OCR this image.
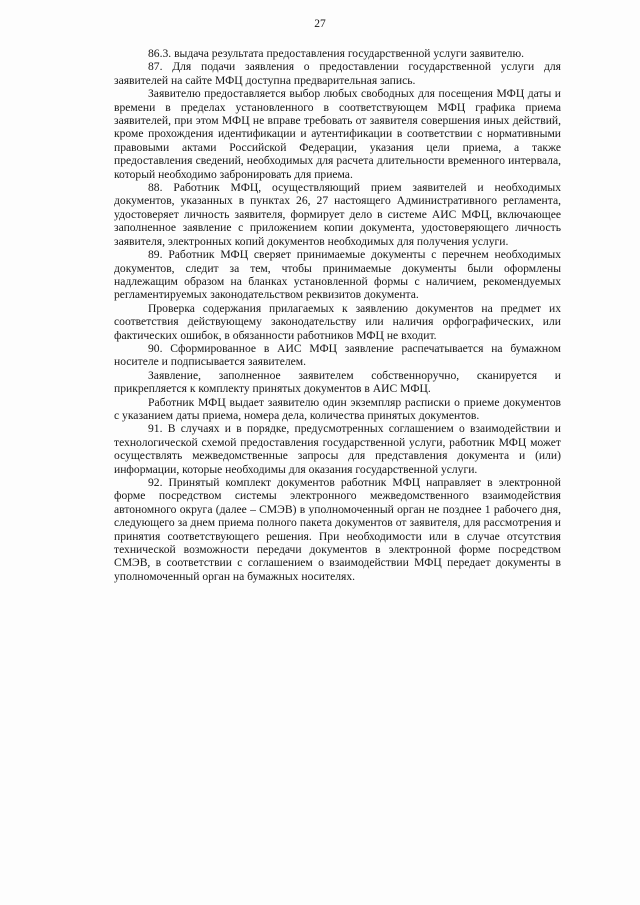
27

86.3. выдача результата предоставления государственной услуги заявителю.

87. Для подачи заявления о предоставлении государственной услуги для заявителей на сайте МФЦ доступна предварительная запись.

Заявителю предоставляется выбор любых свободных для посещения МФЦ даты и времени в пределах установленного в соответствующем МФЦ графика приема заявителей, при этом МФЦ не вправе требовать от заявителя совершения иных действий, кроме прохождения идентификации и аутентификации в соответствии с нормативными правовыми актами Российской Федерации, указания цели приема, а также предоставления сведений, необходимых для расчета длительности временного интервала, который необходимо забронировать для приема.

88. Работник МФЦ, осуществляющий прием заявителей и необходимых документов, указанных в пунктах 26, 27 настоящего Административного регламента, удостоверяет личность заявителя, формирует дело в системе АИС МФЦ, включающее заполненное заявление с приложением копии документа, удостоверяющего личность заявителя, электронных копий документов необходимых для получения услуги.

89. Работник МФЦ сверяет принимаемые документы с перечнем необходимых документов, следит за тем, чтобы принимаемые документы были оформлены надлежащим образом на бланках установленной формы с наличием, рекомендуемых регламентируемых законодательством реквизитов документа.

Проверка содержания прилагаемых к заявлению документов на предмет их соответствия действующему законодательству или наличия орфографических, или фактических ошибок, в обязанности работников МФЦ не входит.

90. Сформированное в АИС МФЦ заявление распечатывается на бумажном носителе и подписывается заявителем.

Заявление, заполненное заявителем собственноручно, сканируется и прикрепляется к комплекту принятых документов в АИС МФЦ.

Работник МФЦ выдает заявителю один экземпляр расписки о приеме документов с указанием даты приема, номера дела, количества принятых документов.

91. В случаях и в порядке, предусмотренных соглашением о взаимодействии и технологической схемой предоставления государственной услуги, работник МФЦ может осуществлять межведомственные запросы для представления документа и (или) информации, которые необходимы для оказания государственной услуги.

92. Принятый комплект документов работник МФЦ направляет в электронной форме посредством системы электронного межведомственного взаимодействия автономного округа (далее – СМЭВ) в уполномоченный орган не позднее 1 рабочего дня, следующего за днем приема полного пакета документов от заявителя, для рассмотрения и принятия соответствующего решения. При необходимости или в случае отсутствия технической возможности передачи документов в электронной форме посредством СМЭВ, в соответствии с соглашением о взаимодействии МФЦ передает документы в уполномоченный орган на бумажных носителях.
